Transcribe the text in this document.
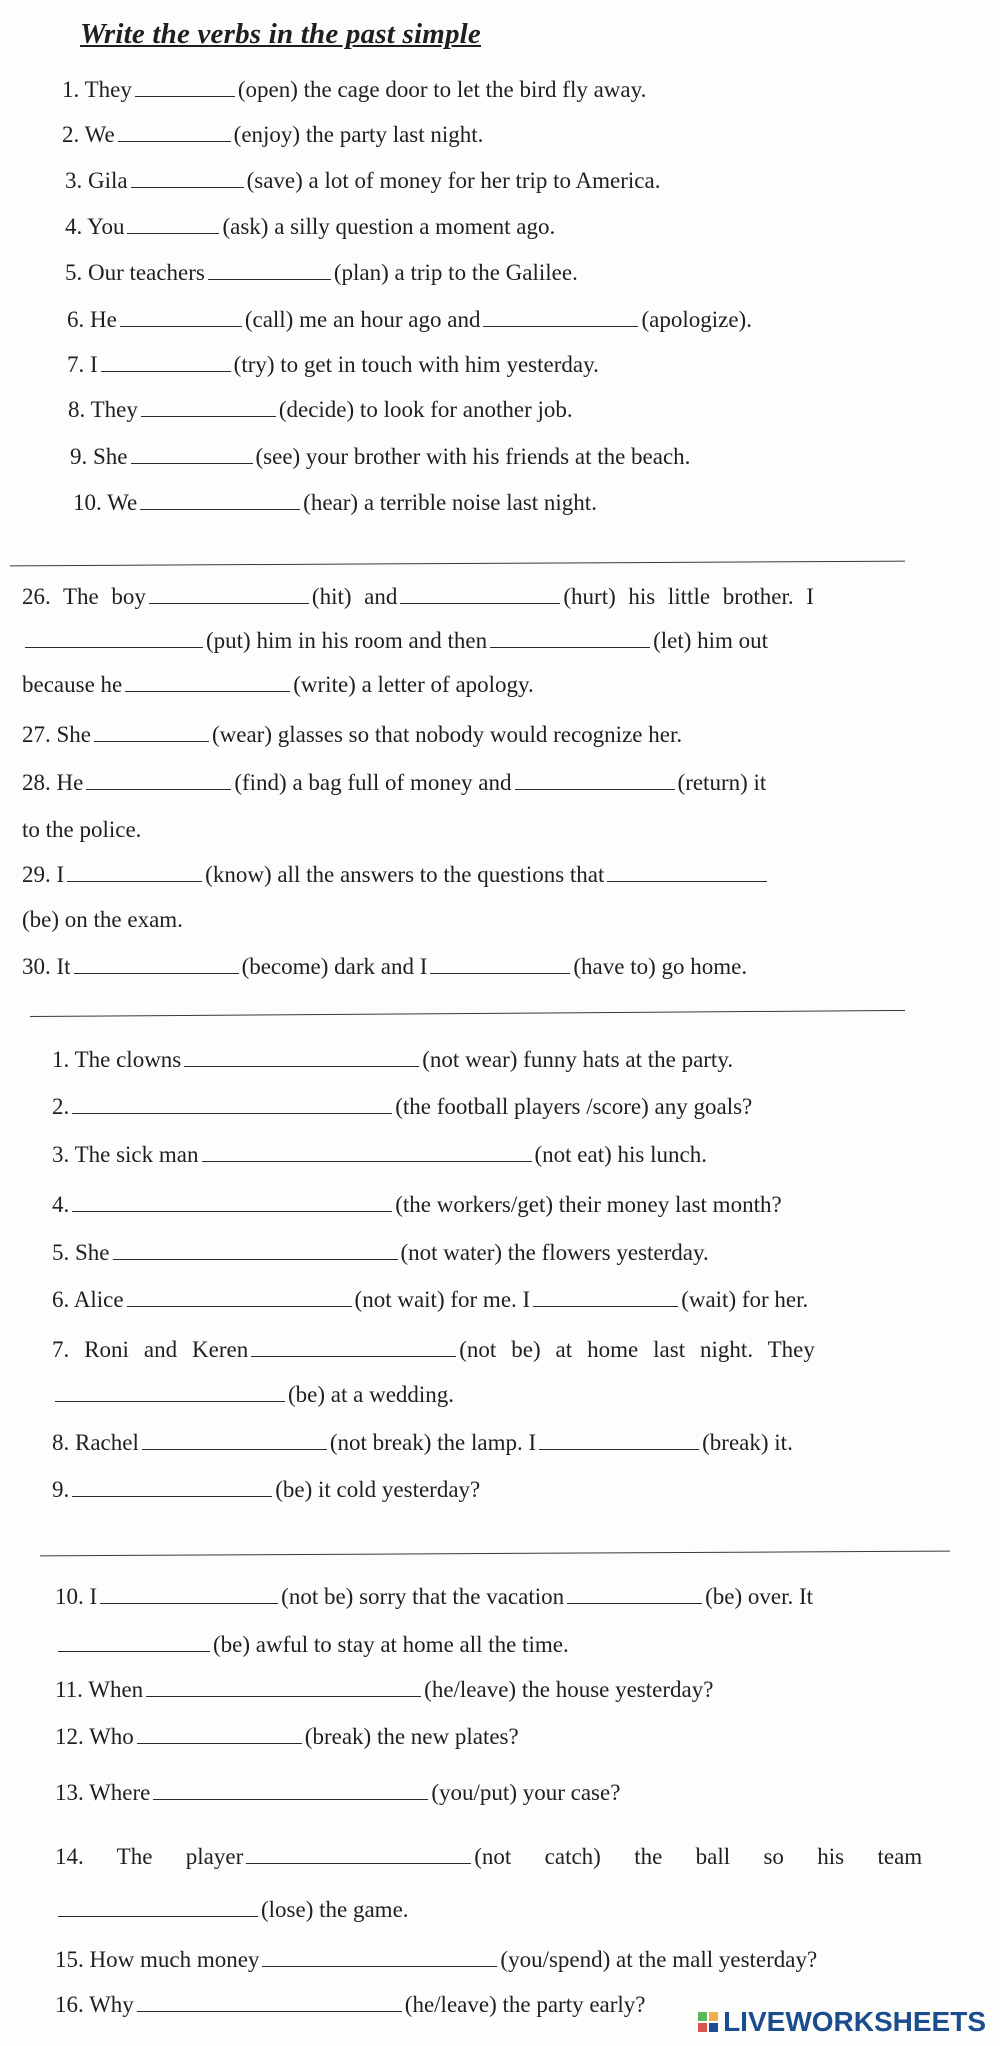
Write the verbs in the past simple
1. They	(open) the cage door to let the bird fly away.
2. We	(enjoy) the party last night.
3. Gila	(save) a lot of money for her trip to America.
4. You	(ask) a silly question a moment ago.
5. Our teachers	(plan) a trip to the Galilee.
6. He	(call) me an hour ago and	(apologize).
7. I	(try) to get in touch with him yesterday.
8. They	(decide) to look for another job.
9. She	(see) your brother with his friends at the beach.
10. We	(hear) a terrible noise last night.
26. The boy	(hit) and	(hurt) his little brother. I
(put) him in his room and then	(let) him out
because he	(write) a letter of apology.
27. She	(wear) glasses so that nobody would recognize her.
28. He	(find) a bag full of money and	(return) it
to the police.
29. I	(know) all the answers to the questions that
(be) on the exam.
30. It	(become) dark and I	(have to) go home.
1. The clowns	(not wear) funny hats at the party.
2.	(the football players /score) any goals?
3. The sick man	(not eat) his lunch.
4.	(the workers/get) their money last month?
5. She	(not water) the flowers yesterday.
6. Alice	(not wait) for me. I	(wait) for her.
7. Roni and Keren	(not be) at home last night. They
(be) at a wedding.
8. Rachel	(not break) the lamp. I	(break) it.
9.	(be) it cold yesterday?
10. I	(not be) sorry that the vacation	(be) over. It
(be) awful to stay at home all the time.
11. When	(he/leave) the house yesterday?
12. Who	(break) the new plates?
13. Where	(you/put) your case?
14. The player	(not catch) the ball so his team
(lose) the game.
15. How much money	(you/spend) at the mall yesterday?
16. Why	(he/leave) the party early?
LIVEWORKSHEETS
